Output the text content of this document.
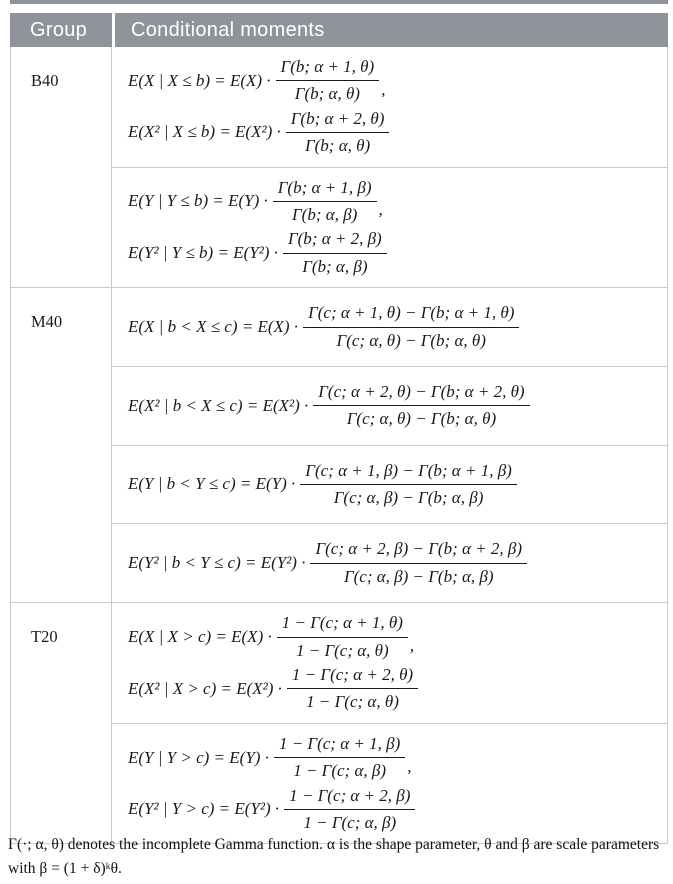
Group	Conditional moments
B40	E(X | $X \le b) = E(X) \cdot \frac{\Gamma(b; \alpha + 1, \theta)}{\Gamma(b; \alpha, \theta)}$ ,
E(X² | $X \le b) = E(X^2) \cdot \frac{\Gamma(b; \alpha + 2, \theta)}{\Gamma(b; \alpha, \theta)}$
E(Y | $Y \le b) = E(Y) \cdot \frac{\Gamma(b; \alpha + 1, \beta)}{\Gamma(b; \alpha, \beta)}$ ,
E(Y² | $Y \le b) = E(Y^2) \cdot \frac{\Gamma(b; \alpha + 2, \beta)}{\Gamma(b; \alpha, \beta)}$
M40	E(X | $b < X \le c) = E(X) \cdot \frac{\Gamma(c; \alpha + 1, \theta) - \Gamma(b; \alpha + 1, \theta)}{\Gamma(c; \alpha, \theta) - \Gamma(b; \alpha, \theta)}$
E(X² | $b < X \le c) = E(X^2) \cdot \frac{\Gamma(c; \alpha + 2, \theta) - \Gamma(b; \alpha + 2, \theta)}{\Gamma(c; \alpha, \theta) - \Gamma(b; \alpha, \theta)}$
E(Y | $b < Y \le c) = E(Y) \cdot \frac{\Gamma(c; \alpha + 1, \beta) - \Gamma(b; \alpha + 1, \beta)}{\Gamma(c; \alpha, \beta) - \Gamma(b; \alpha, \beta)}$
E(Y² | $b < Y \le c) = E(Y^2) \cdot \frac{\Gamma(c; \alpha + 2, \beta) - \Gamma(b; \alpha + 2, \beta)}{\Gamma(c; \alpha, \beta) - \Gamma(b; \alpha, \beta)}$
T20	E(X | $X > c) = E(X) \cdot \frac{1 - \Gamma(c; \alpha + 1, \theta)}{1 - \Gamma(c; \alpha, \theta)}$ ,
E(X² | $X > c) = E(X^2) \cdot \frac{1 - \Gamma(c; \alpha + 2, \theta)}{1 - \Gamma(c; \alpha, \theta)}$
E(Y | $Y > c) = E(Y) \cdot \frac{1 - \Gamma(c; \alpha + 1, \beta)}{1 - \Gamma(c; \alpha, \beta)}$ ,
E(Y² | $Y > c) = E(Y^2) \cdot \frac{1 - \Gamma(c; \alpha + 2, \beta)}{1 - \Gamma(c; \alpha, \beta)}$
Γ(·; α, θ) denotes the incomplete Gamma function. α is the shape parameter, θ and β are scale parameters with β = (1 + δ)ᵏθ.
